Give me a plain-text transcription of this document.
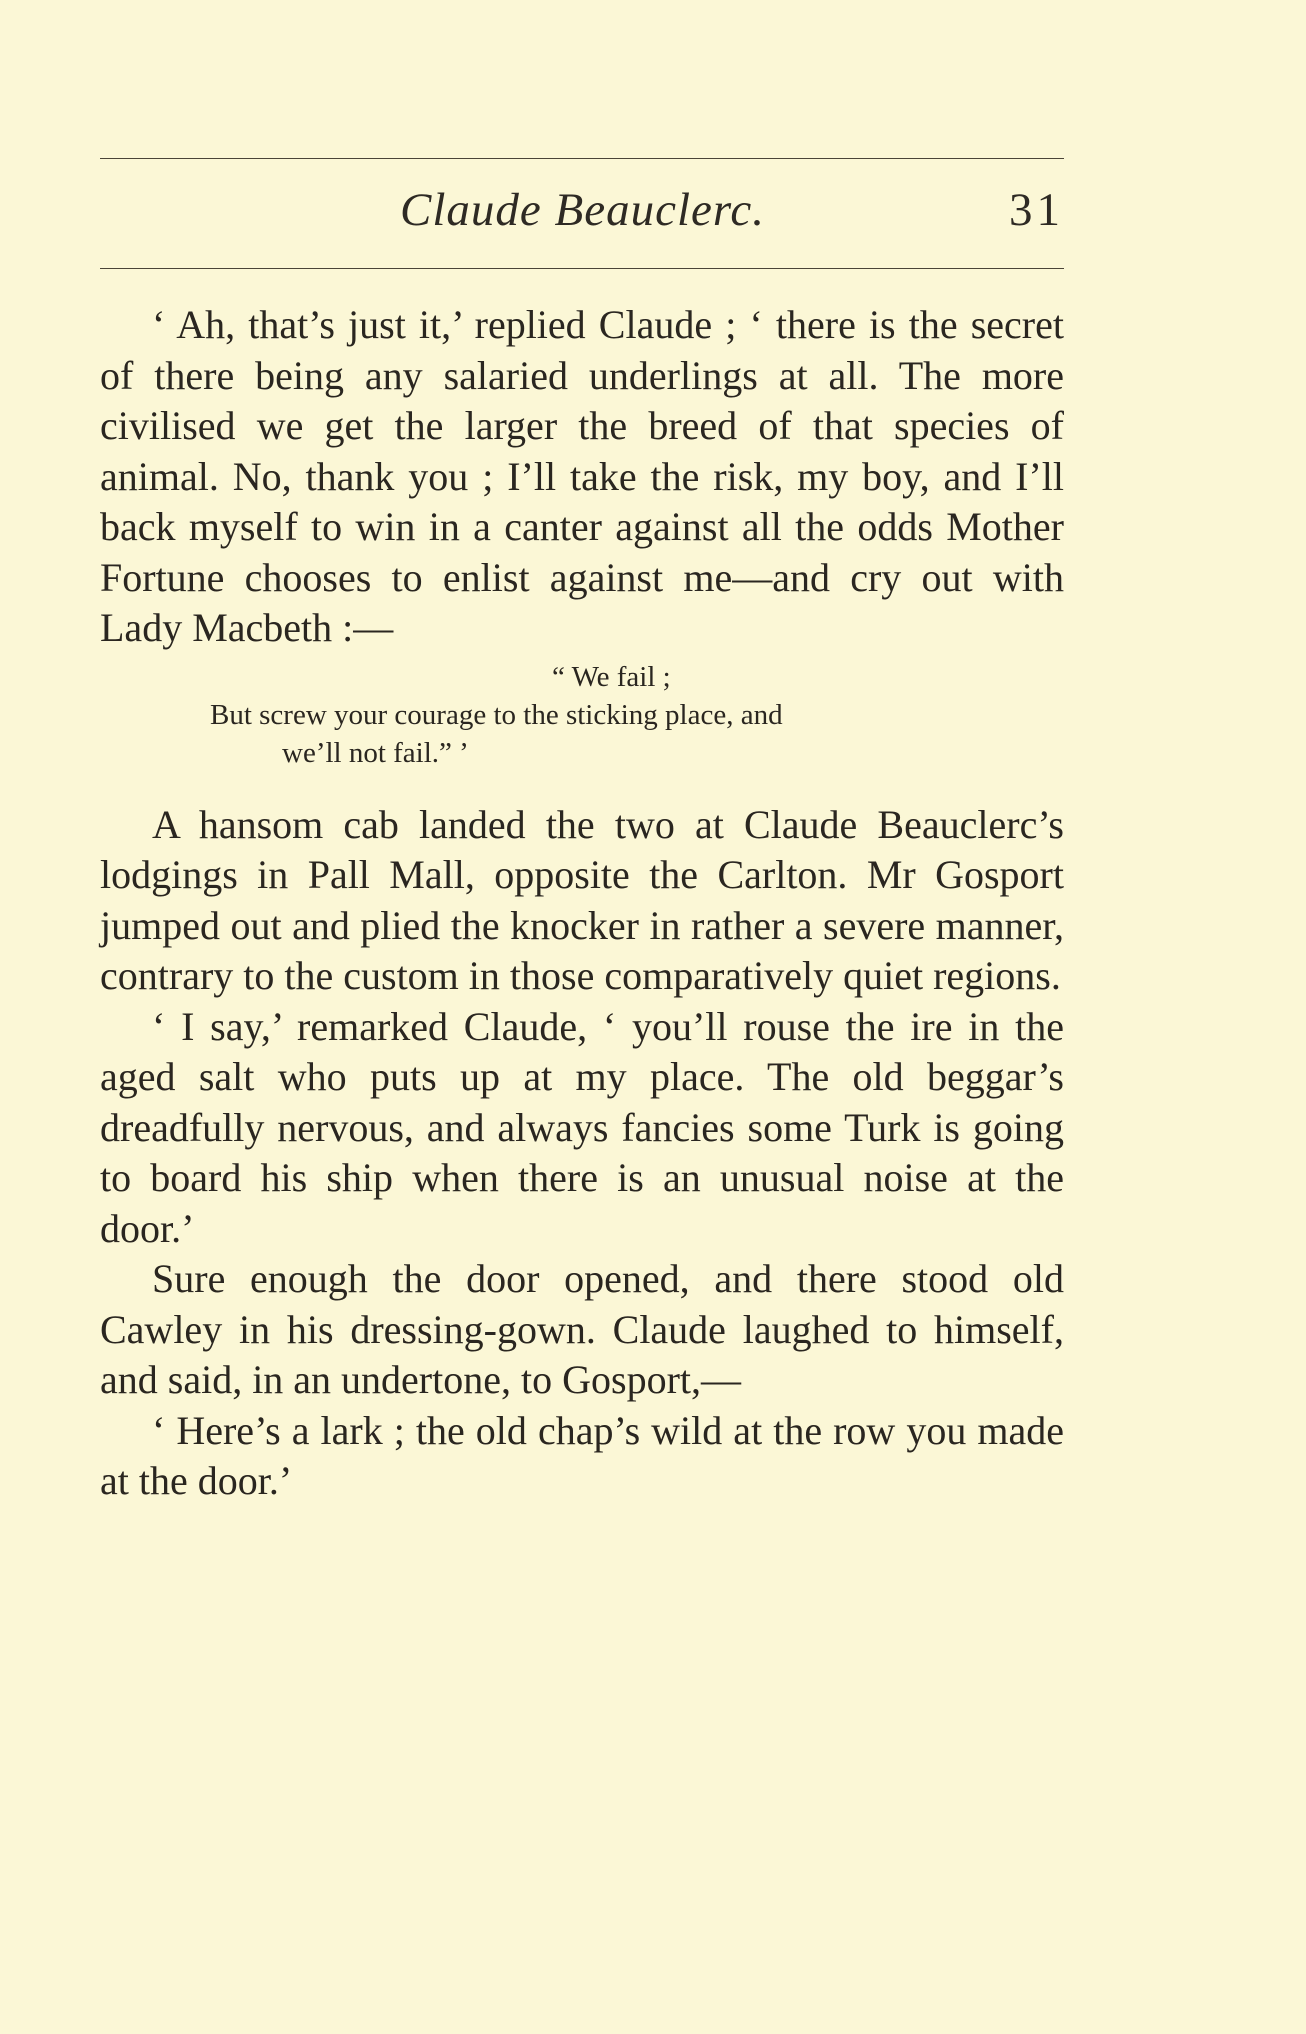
Claude Beauclerc.	31

‘ Ah, that’s just it,’ replied Claude ; ‘ there is the secret of there being any salaried underlings at all. The more civilised we get the larger the breed of that species of animal. No, thank you ; I’ll take the risk, my boy, and I’ll back myself to win in a canter against all the odds Mother Fortune chooses to enlist against me—and cry out with Lady Macbeth :—

“ We fail ;
But screw your courage to the sticking place, and
we’ll not fail.” ’

A hansom cab landed the two at Claude Beauclerc’s lodgings in Pall Mall, opposite the Carlton. Mr Gosport jumped out and plied the knocker in rather a severe manner, contrary to the custom in those comparatively quiet regions.

‘ I say,’ remarked Claude, ‘ you’ll rouse the ire in the aged salt who puts up at my place. The old beggar’s dreadfully nervous, and always fancies some Turk is going to board his ship when there is an unusual noise at the door.’

Sure enough the door opened, and there stood old Cawley in his dressing-gown. Claude laughed to himself, and said, in an undertone, to Gosport,—

‘ Here’s a lark ; the old chap’s wild at the row you made at the door.’
